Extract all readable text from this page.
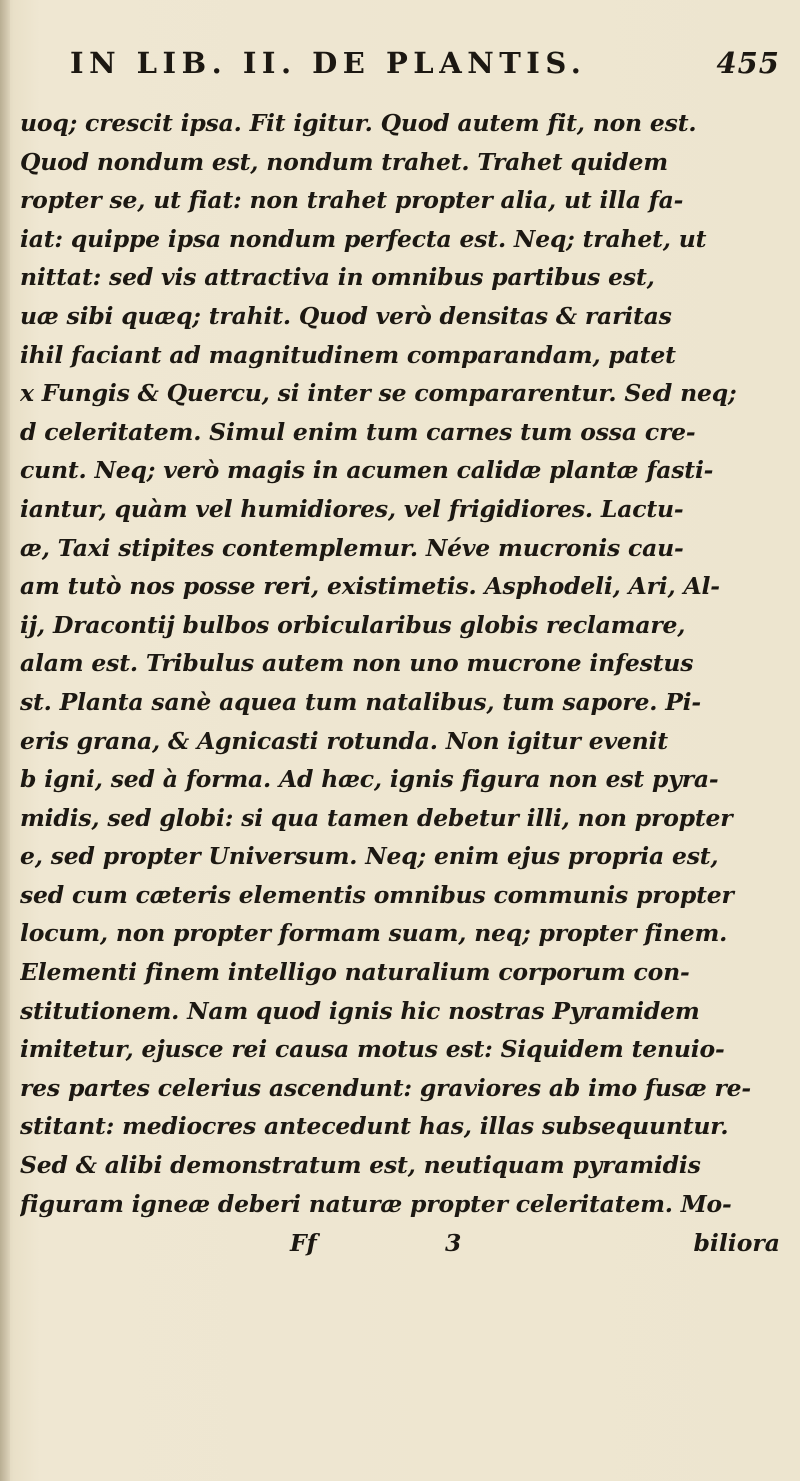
IN LIB. II. DE PLANTIS.	455
uoq; crescit ipsa. Fit igitur. Quod autem fit, non est.
Quod nondum est, nondum trahet. Trahet quidem
ropter se, ut fiat: non trahet propter alia, ut illa fa-
iat: quippe ipsa nondum perfecta est. Neq; trahet, ut
nittat: sed vis attractiva in omnibus partibus est,
uæ sibi quæq; trahit. Quod verò densitas & raritas
ihil faciant ad magnitudinem comparandam, patet
x Fungis & Quercu, si inter se compararentur. Sed neq;
d celeritatem. Simul enim tum carnes tum ossa cre-
cunt. Neq; verò magis in acumen calidæ plantæ fasti-
iantur, quàm vel humidiores, vel frigidiores. Lactu-
æ, Taxi stipites contemplemur. Néve mucronis cau-
am tutò nos posse reri, existimetis. Asphodeli, Ari, Al-
ij, Dracontij bulbos orbicularibus globis reclamare,
alam est. Tribulus autem non uno mucrone infestus
st. Planta sanè aquea tum natalibus, tum sapore. Pi-
eris grana, & Agnicasti rotunda. Non igitur evenit
b igni, sed à forma. Ad hæc, ignis figura non est pyra-
midis, sed globi: si qua tamen debetur illi, non propter
e, sed propter Universum. Neq; enim ejus propria est,
sed cum cæteris elementis omnibus communis propter
locum, non propter formam suam, neq; propter finem.
Elementi finem intelligo naturalium corporum con-
stitutionem. Nam quod ignis hic nostras Pyramidem
imitetur, ejusce rei causa motus est: Siquidem tenuio-
res partes celerius ascendunt: graviores ab imo fusæ re-
stitant: mediocres antecedunt has, illas subsequuntur.
Sed & alibi demonstratum est, neutiquam pyramidis
figuram igneæ deberi naturæ propter celeritatem. Mo-
Ff	3	biliora
